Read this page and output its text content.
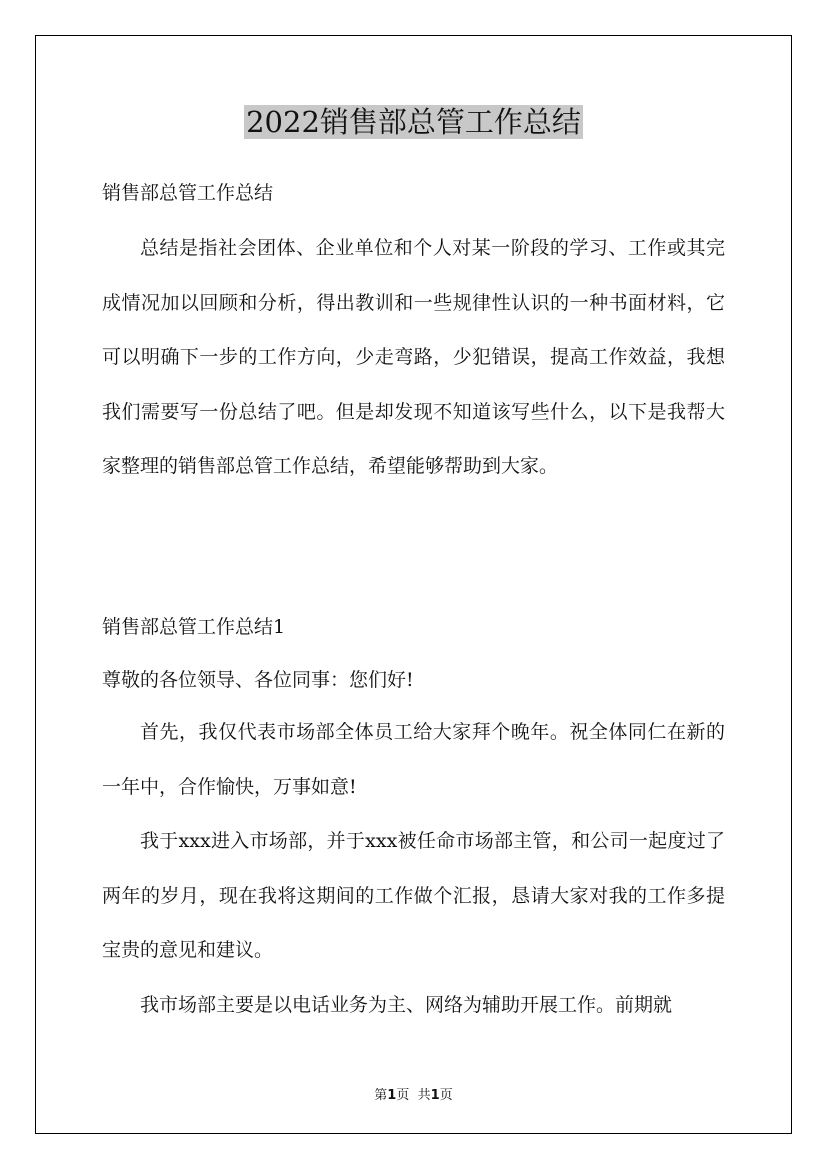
2022销售部总管工作总结

销售部总管工作总结

总结是指社会团体、企业单位和个人对某一阶段的学习、工作或其完成情况加以回顾和分析，得出教训和一些规律性认识的一种书面材料，它可以明确下一步的工作方向，少走弯路，少犯错误，提高工作效益，我想我们需要写一份总结了吧。但是却发现不知道该写些什么，以下是我帮大家整理的销售部总管工作总结，希望能够帮助到大家。

销售部总管工作总结1

尊敬的各位领导、各位同事：您们好!

首先，我仅代表市场部全体员工给大家拜个晚年。祝全体同仁在新的一年中，合作愉快，万事如意!

我于xxx进入市场部，并于xxx被任命市场部主管，和公司一起度过了两年的岁月，现在我将这期间的工作做个汇报，恳请大家对我的工作多提宝贵的意见和建议。

我市场部主要是以电话业务为主、网络为辅助开展工作。前期就

第1页 共1页
